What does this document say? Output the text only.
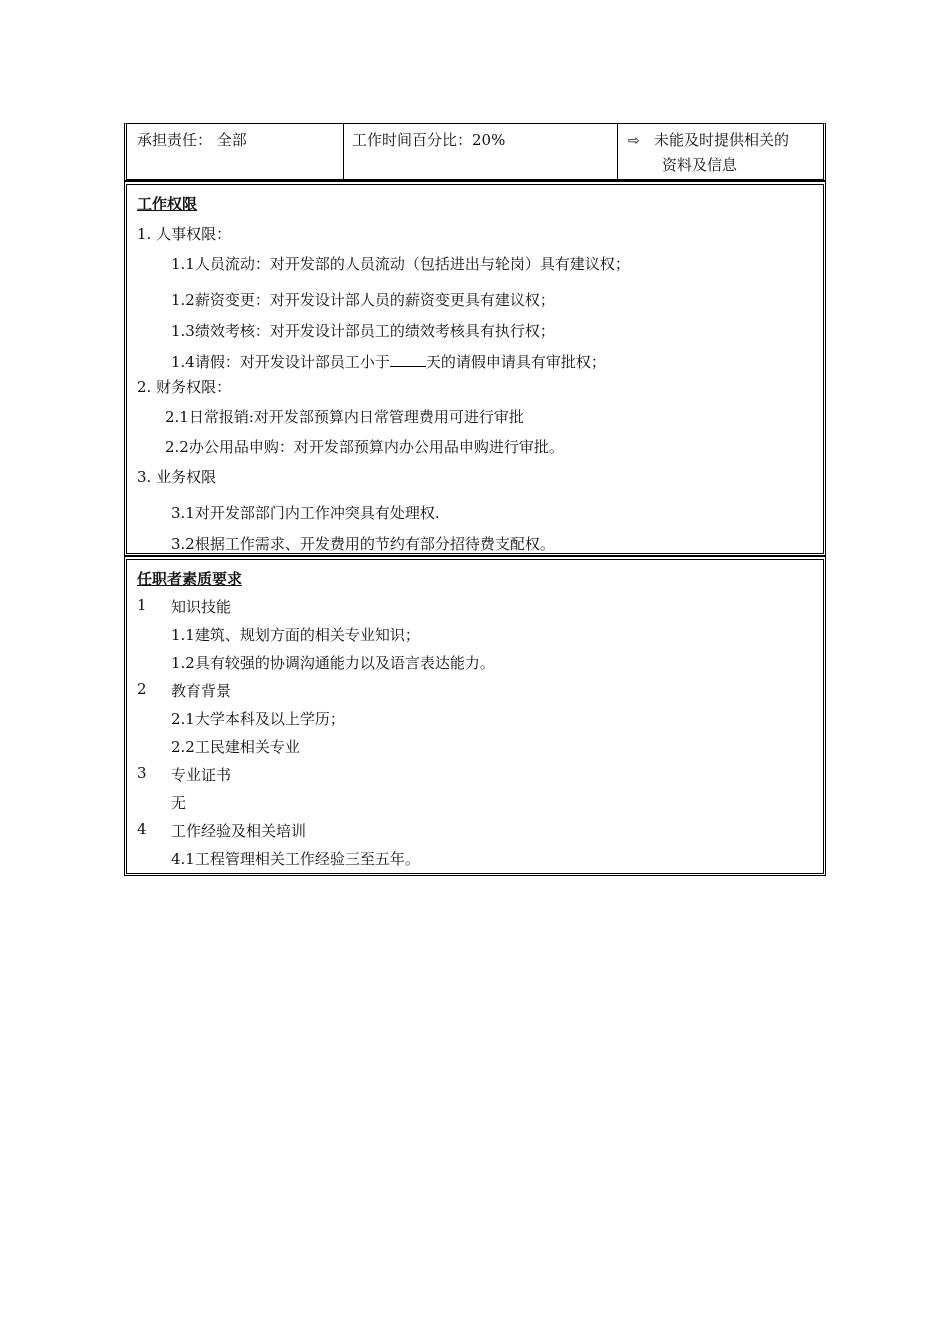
承担责任： 全部	工作时间百分比：20%	⇨ 未能及时提供相关的
资料及信息
工作权限
1. 人事权限：
1.1人员流动：对开发部的人员流动（包括进出与轮岗）具有建议权；
1.2薪资变更：对开发设计部人员的薪资变更具有建议权；
1.3绩效考核：对开发设计部员工的绩效考核具有执行权；
1.4请假：对开发设计部员工小于 天的请假申请具有审批权；
2. 财务权限：
2.1日常报销:对开发部预算内日常管理费用可进行审批
2.2办公用品申购：对开发部预算内办公用品申购进行审批。
3. 业务权限
3.1对开发部部门内工作冲突具有处理权.
3.2根据工作需求、开发费用的节约有部分招待费支配权。
任职者素质要求
1 知识技能
1.1建筑、规划方面的相关专业知识；
1.2具有较强的协调沟通能力以及语言表达能力。
2 教育背景
2.1大学本科及以上学历；
2.2工民建相关专业
3 专业证书
无
4 工作经验及相关培训
4.1工程管理相关工作经验三至五年。
